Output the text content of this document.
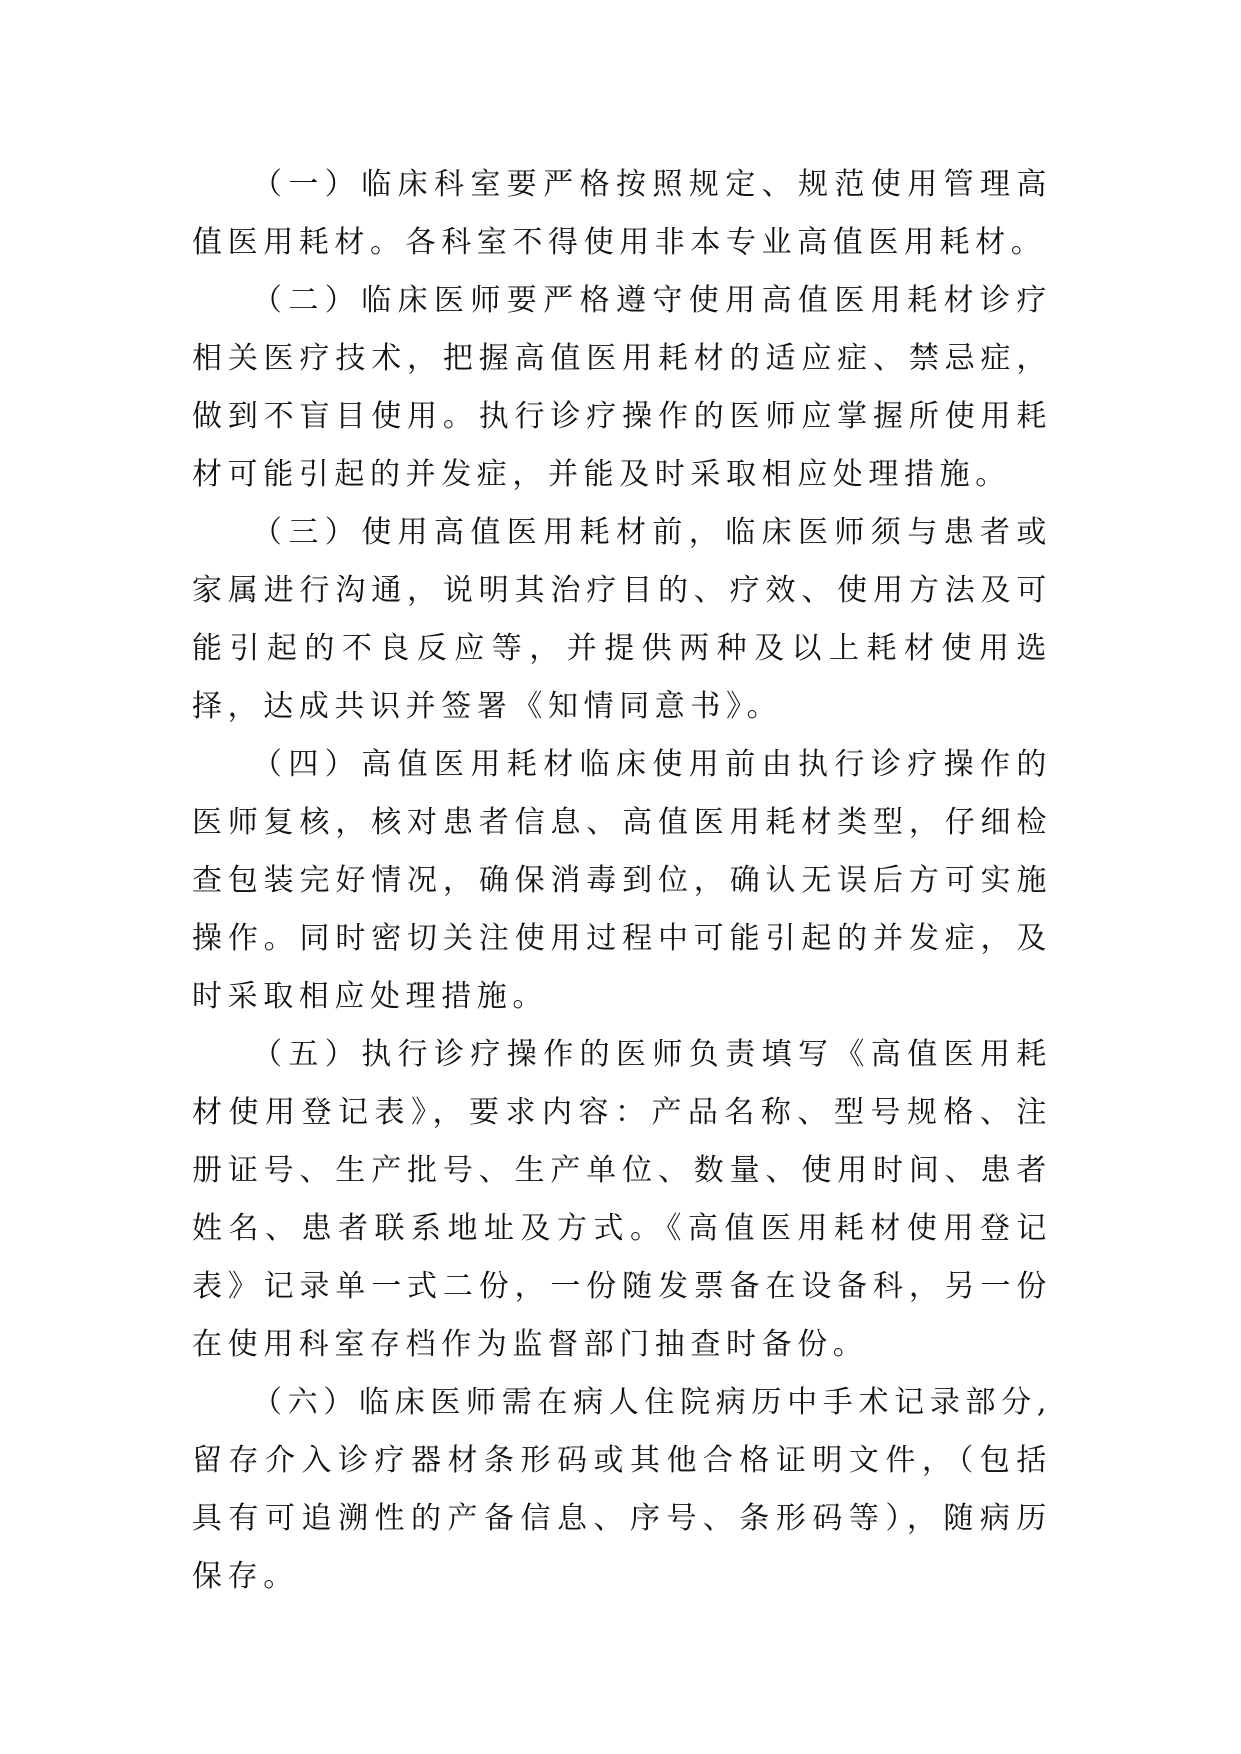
（一）临床科室要严格按照规定、规范使用管理高值医用耗材。各科室不得使用非本专业高值医用耗材。

（二）临床医师要严格遵守使用高值医用耗材诊疗相关医疗技术，把握高值医用耗材的适应症、禁忌症，做到不盲目使用。执行诊疗操作的医师应掌握所使用耗材可能引起的并发症，并能及时采取相应处理措施。

（三）使用高值医用耗材前，临床医师须与患者或家属进行沟通，说明其治疗目的、疗效、使用方法及可能引起的不良反应等，并提供两种及以上耗材使用选择，达成共识并签署《知情同意书》。

（四）高值医用耗材临床使用前由执行诊疗操作的医师复核，核对患者信息、高值医用耗材类型，仔细检查包装完好情况，确保消毒到位，确认无误后方可实施操作。同时密切关注使用过程中可能引起的并发症，及时采取相应处理措施。

（五）执行诊疗操作的医师负责填写《高值医用耗材使用登记表》，要求内容：产品名称、型号规格、注册证号、生产批号、生产单位、数量、使用时间、患者姓名、患者联系地址及方式。《高值医用耗材使用登记表》记录单一式二份，一份随发票备在设备科，另一份在使用科室存档作为监督部门抽查时备份。

（六）临床医师需在病人住院病历中手术记录部分,留存介入诊疗器材条形码或其他合格证明文件，（包括具有可追溯性的产备信息、序号、条形码等），随病历保存。
